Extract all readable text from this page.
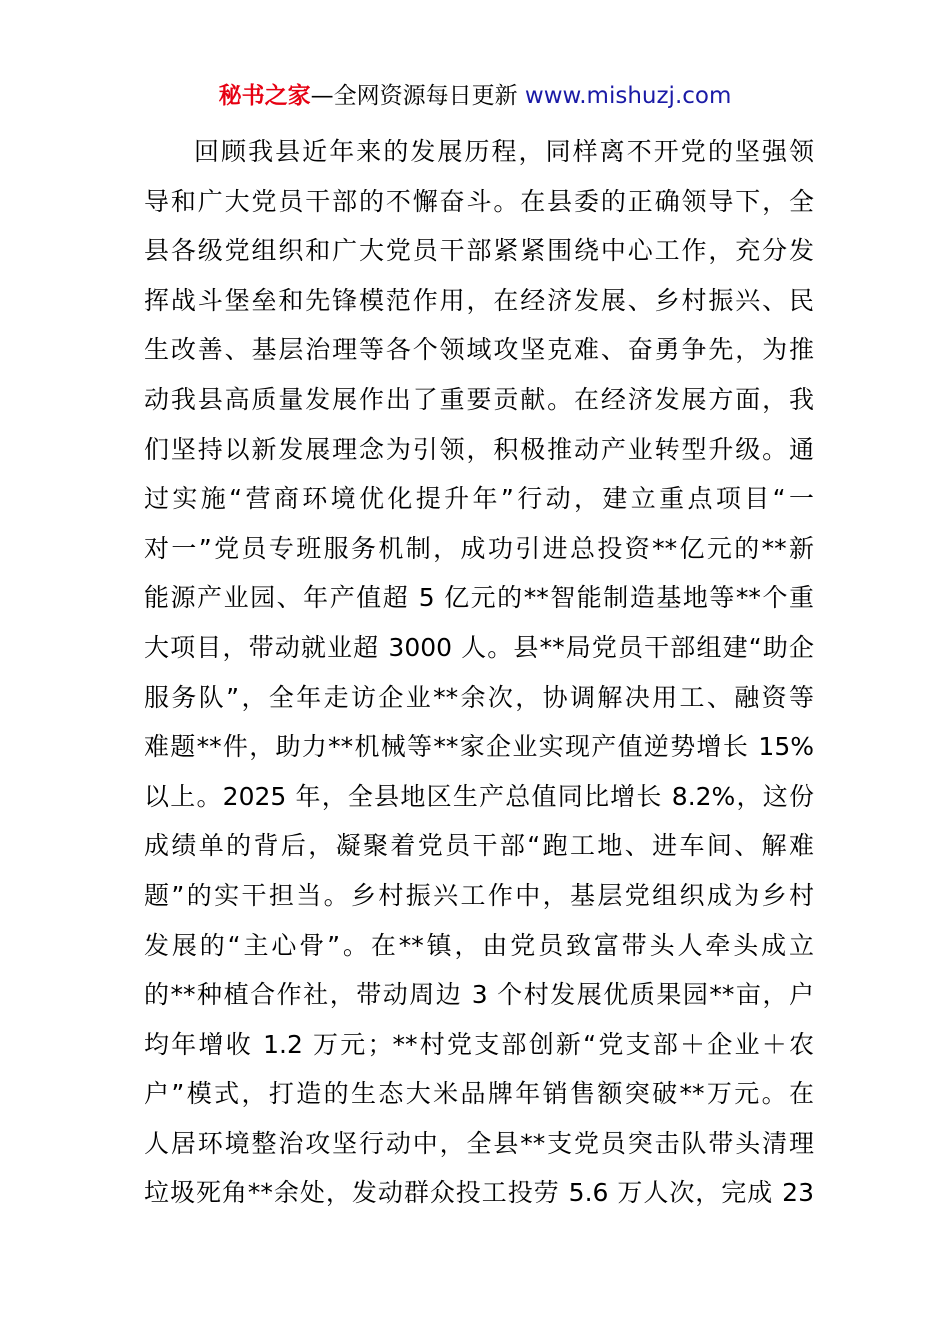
秘书之家—全网资源每日更新 www.mishuzj.com
回顾我县近年来的发展历程，同样离不开党的坚强领
导和广大党员干部的不懈奋斗。在县委的正确领导下，全
县各级党组织和广大党员干部紧紧围绕中心工作，充分发
挥战斗堡垒和先锋模范作用，在经济发展、乡村振兴、民
生改善、基层治理等各个领域攻坚克难、奋勇争先，为推
动我县高质量发展作出了重要贡献。在经济发展方面，我
们坚持以新发展理念为引领，积极推动产业转型升级。通
过实施“营商环境优化提升年”行动，建立重点项目“一
对一”党员专班服务机制，成功引进总投资**亿元的**新
能源产业园、年产值超 5 亿元的**智能制造基地等**个重
大项目，带动就业超 3000 人。县**局党员干部组建“助企
服务队”，全年走访企业**余次，协调解决用工、融资等
难题**件，助力**机械等**家企业实现产值逆势增长 15%
以上。2025 年，全县地区生产总值同比增长 8.2%，这份
成绩单的背后，凝聚着党员干部“跑工地、进车间、解难
题”的实干担当。乡村振兴工作中，基层党组织成为乡村
发展的“主心骨”。在**镇，由党员致富带头人牵头成立
的**种植合作社，带动周边 3 个村发展优质果园**亩，户
均年增收 1.2 万元；**村党支部创新“党支部＋企业＋农
户”模式，打造的生态大米品牌年销售额突破**万元。在
人居环境整治攻坚行动中，全县**支党员突击队带头清理
垃圾死角**余处，发动群众投工投劳 5.6 万人次，完成 23
